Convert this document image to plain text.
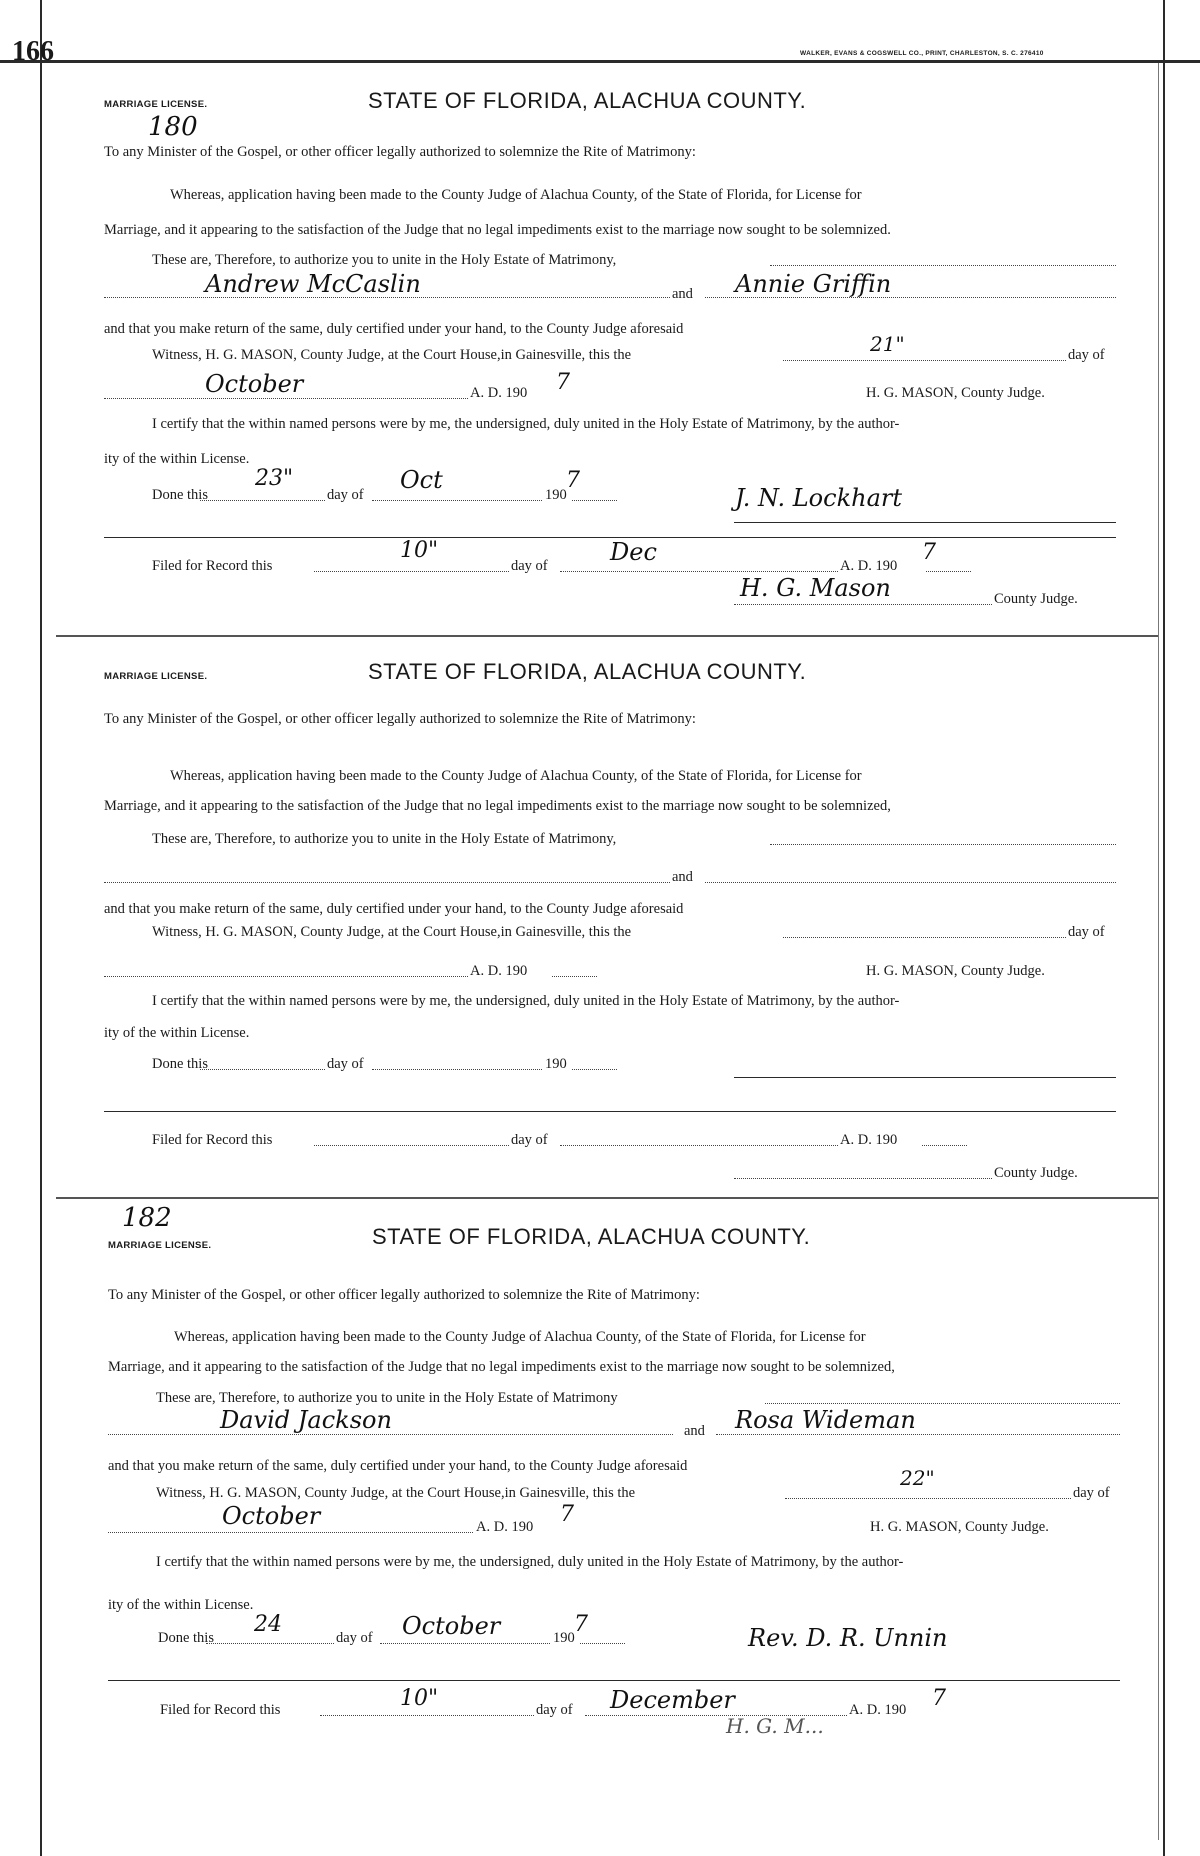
166	WALKER, EVANS & COGSWELL CO., PRINT, CHARLESTON, S. C. 276410
MARRIAGE LICENSE.	STATE OF FLORIDA, ALACHUA COUNTY.
180
To any Minister of the Gospel, or other officer legally authorized to solemnize the Rite of Matrimony:
Whereas, application having been made to the County Judge of Alachua County, of the State of Florida, for License for
Marriage, and it appearing to the satisfaction of the Judge that no legal impediments exist to the marriage now sought to be solemnized.
These are, Therefore, to authorize you to unite in the Holy Estate of Matrimony,
Andrew McCaslin	and Annie Griffin
and that you make return of the same, duly certified under your hand, to the County Judge aforesaid
Witness, H. G. MASON, County Judge, at the Court House,in Gainesville, this the	21"	day of
October	A. D. 190 7	H. G. MASON, County Judge.
I certify that the within named persons were by me, the undersigned, duly united in the Holy Estate of Matrimony, by the author-
ity of the within License.
Done this
23"
day of
Oct
190
7
J. N. Lockhart
Filed for Record this
10"
day of	Dec	A. D. 190
7
H. G. Mason	County Judge.
MARRIAGE LICENSE.	STATE OF FLORIDA, ALACHUA COUNTY.
To any Minister of the Gospel, or other officer legally authorized to solemnize the Rite of Matrimony:
Whereas, application having been made to the County Judge of Alachua County, of the State of Florida, for License for
Marriage, and it appearing to the satisfaction of the Judge that no legal impediments exist to the marriage now sought to be solemnized,
These are, Therefore, to authorize you to unite in the Holy Estate of Matrimony,
and
and that you make return of the same, duly certified under your hand, to the County Judge aforesaid
Witness, H. G. MASON, County Judge, at the Court House,in Gainesville, this the	day of
A. D. 190	H. G. MASON, County Judge.
I certify that the within named persons were by me, the undersigned, duly united in the Holy Estate of Matrimony, by the author-
ity of the within License.
Done this	day of	190
Filed for Record this	day of	A. D. 190
County Judge.
182
MARRIAGE LICENSE.	STATE OF FLORIDA, ALACHUA COUNTY.
To any Minister of the Gospel, or other officer legally authorized to solemnize the Rite of Matrimony:
Whereas, application having been made to the County Judge of Alachua County, of the State of Florida, for License for
Marriage, and it appearing to the satisfaction of the Judge that no legal impediments exist to the marriage now sought to be solemnized,
These are, Therefore, to authorize you to unite in the Holy Estate of Matrimony
David Jackson	and Rosa Wideman
and that you make return of the same, duly certified under your hand, to the County Judge aforesaid
Witness, H. G. MASON, County Judge, at the Court House,in Gainesville, this the
22"
day of
October	A. D. 190 7	H. G. MASON, County Judge.
I certify that the within named persons were by me, the undersigned, duly united in the Holy Estate of Matrimony, by the author-
ity of the within License.
Done this
24
day of October	190
7	Rev. D. R. Unnin
Filed for Record this	10"	day of December	A. D. 190 7
H. G. M...
